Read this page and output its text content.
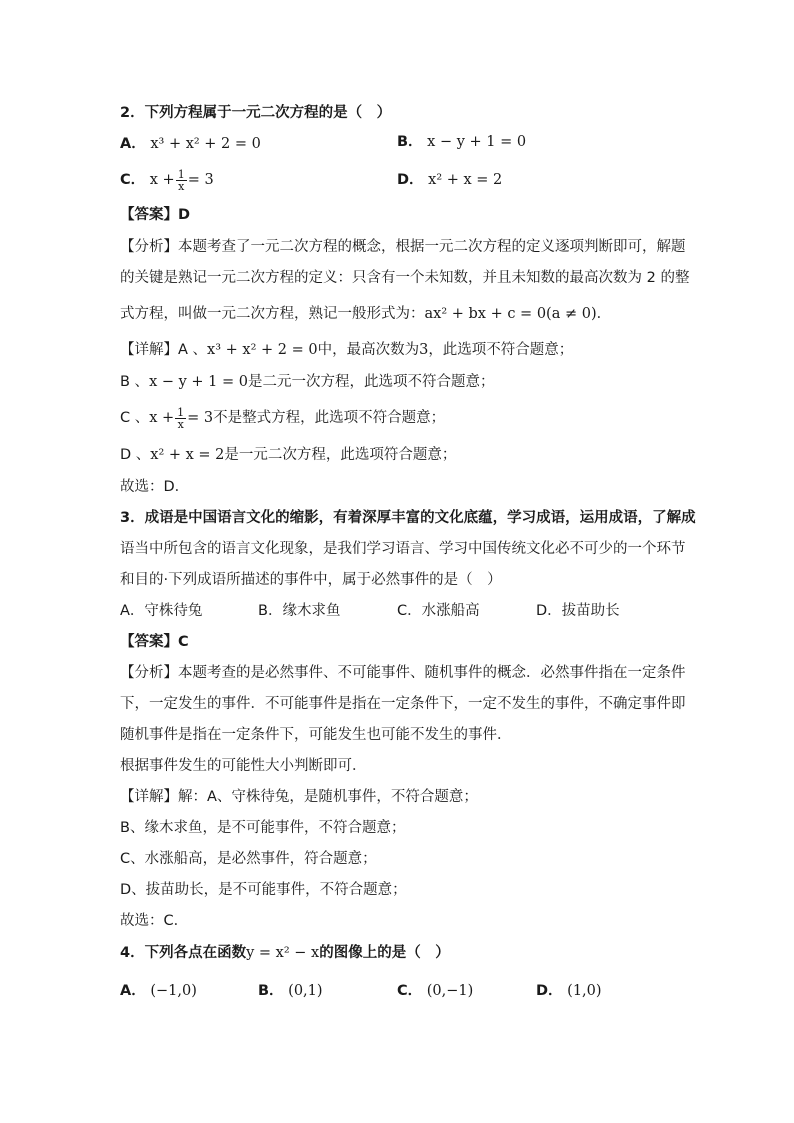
2．下列方程属于一元二次方程的是（　）
A． x³ + x² + 2 = 0	B． x − y + 1 = 0
C． $x + \frac{1}{x} = 3$	D． x² + x = 2
【答案】D
【分析】本题考查了一元二次方程的概念，根据一元二次方程的定义逐项判断即可，解题
的关键是熟记一元二次方程的定义：只含有一个未知数，并且未知数的最高次数为 2 的整
式方程，叫做一元二次方程，熟记一般形式为：ax² + bx + c = 0(a ≠ 0)．
【详解】A 、x³ + x² + 2 = 0中，最高次数为3，此选项不符合题意；
B 、x − y + 1 = 0是二元一次方程，此选项不符合题意；
C 、$x + \frac{1}{x} = 3$不是整式方程，此选项不符合题意；
D 、x² + x = 2是一元二次方程，此选项符合题意；
故选：D．
3．成语是中国语言文化的缩影，有着深厚丰富的文化底蕴，学习成语，运用成语，了解成
语当中所包含的语言文化现象，是我们学习语言、学习中国传统文化必不可少的一个环节
和目的·下列成语所描述的事件中，属于必然事件的是（　）
A．守株待兔	B．缘木求鱼	C．水涨船高	D．拔苗助长
【答案】C
【分析】本题考查的是必然事件、不可能事件、随机事件的概念．必然事件指在一定条件
下，一定发生的事件．不可能事件是指在一定条件下，一定不发生的事件，不确定事件即
随机事件是指在一定条件下，可能发生也可能不发生的事件．
根据事件发生的可能性大小判断即可．
【详解】解：A、守株待兔，是随机事件，不符合题意；
B、缘木求鱼，是不可能事件，不符合题意；
C、水涨船高，是必然事件，符合题意；
D、拔苗助长，是不可能事件，不符合题意；
故选：C．
4．下列各点在函数y = x² − x的图像上的是（　）
A． (−1,0)	B． (0,1)	C． (0,−1)	D． (1,0)
